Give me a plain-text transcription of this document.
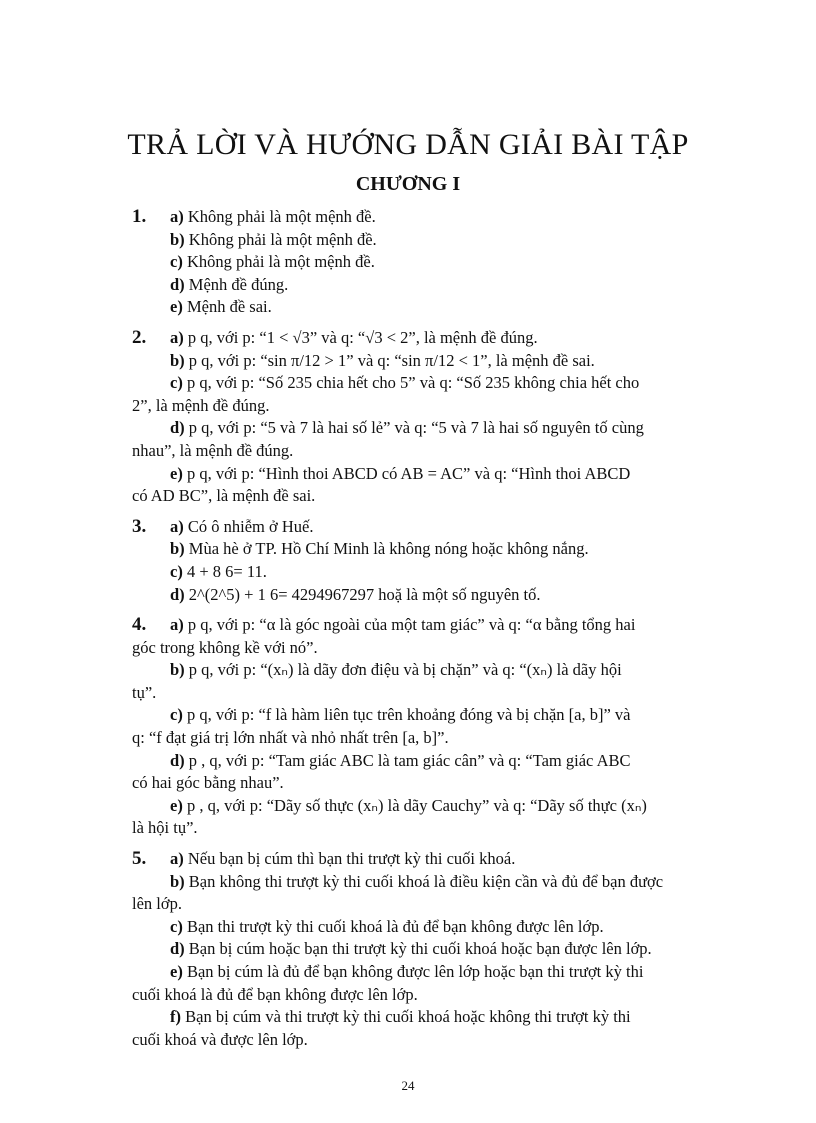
TRẢ LỜI VÀ HƯỚNG DẪN GIẢI BÀI TẬP
CHƯƠNG I
1. a) Không phải là một mệnh đề.
b) Không phải là một mệnh đề.
c) Không phải là một mệnh đề.
d) Mệnh đề đúng.
e) Mệnh đề sai.
2. a) p q, với p: “1 < √3” và q: “√3 < 2”, là mệnh đề đúng.
b) p q, với p: “sin π/12 > 1” và q: “sin π/12 < 1”, là mệnh đề sai.
c) p q, với p: “Số 235 chia hết cho 5” và q: “Số 235 không chia hết cho
2”, là mệnh đề đúng.
d) p q, với p: “5 và 7 là hai số lẻ” và q: “5 và 7 là hai số nguyên tố cùng
nhau”, là mệnh đề đúng.
e) p q, với p: “Hình thoi ABCD có AB = AC” và q: “Hình thoi ABCD
có AD BC”, là mệnh đề sai.
3. a) Có ô nhiễm ở Huế.
b) Mùa hè ở TP. Hồ Chí Minh là không nóng hoặc không nắng.
c) 4 + 8 6= 11.
d) 2^(2^5) + 1 6= 4294967297 hoặ là một số nguyên tố.
4. a) p q, với p: “α là góc ngoài của một tam giác” và q: “α bằng tổng hai
góc trong không kề với nó”.
b) p q, với p: “(xₙ) là dãy đơn điệu và bị chặn” và q: “(xₙ) là dãy hội
tụ”.
c) p q, với p: “f là hàm liên tục trên khoảng đóng và bị chặn [a, b]” và
q: “f đạt giá trị lớn nhất và nhỏ nhất trên [a, b]”.
d) p , q, với p: “Tam giác ABC là tam giác cân” và q: “Tam giác ABC
có hai góc bằng nhau”.
e) p , q, với p: “Dãy số thực (xₙ) là dãy Cauchy” và q: “Dãy số thực (xₙ)
là hội tụ”.
5. a) Nếu bạn bị cúm thì bạn thi trượt kỳ thi cuối khoá.
b) Bạn không thi trượt kỳ thi cuối khoá là điều kiện cần và đủ để bạn được
lên lớp.
c) Bạn thi trượt kỳ thi cuối khoá là đủ để bạn không được lên lớp.
d) Bạn bị cúm hoặc bạn thi trượt kỳ thi cuối khoá hoặc bạn được lên lớp.
e) Bạn bị cúm là đủ để bạn không được lên lớp hoặc bạn thi trượt kỳ thi
cuối khoá là đủ để bạn không được lên lớp.
f) Bạn bị cúm và thi trượt kỳ thi cuối khoá hoặc không thi trượt kỳ thi
cuối khoá và được lên lớp.
24
